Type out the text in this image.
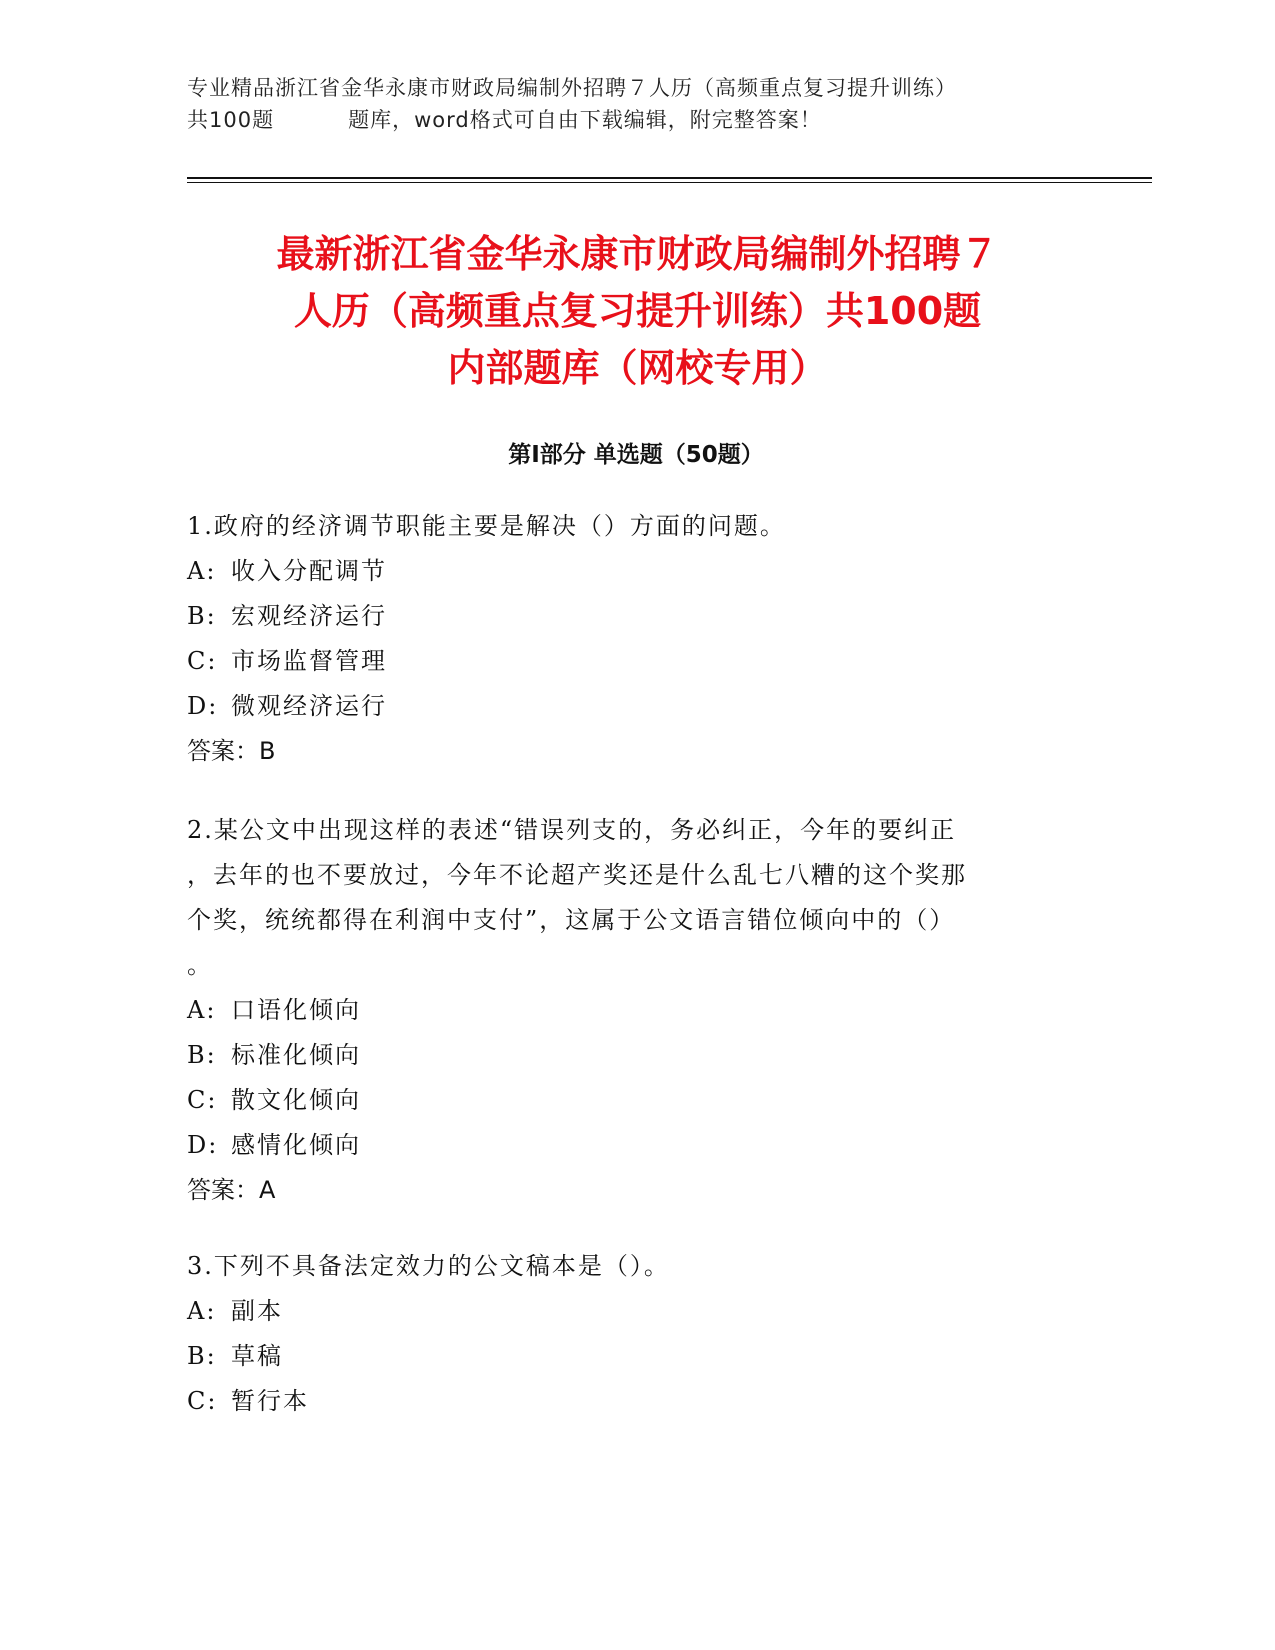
专业精品浙江省金华永康市财政局编制外招聘７人历（高频重点复习提升训练）
共100题	题库，word格式可自由下载编辑，附完整答案！
最新浙江省金华永康市财政局编制外招聘７
人历（高频重点复习提升训练）共100题
内部题库（网校专用）
第Ⅰ部分 单选题（50题）
1.政府的经济调节职能主要是解决（）方面的问题。
A: 收入分配调节
B: 宏观经济运行
C: 市场监督管理
D: 微观经济运行
答案：B
2.某公文中出现这样的表述“错误列支的，务必纠正，今年的要纠正
，去年的也不要放过，今年不论超产奖还是什么乱七八糟的这个奖那
个奖，统统都得在利润中支付”，这属于公文语言错位倾向中的（）
。
A: 口语化倾向
B: 标准化倾向
C: 散文化倾向
D: 感情化倾向
答案：A
3.下列不具备法定效力的公文稿本是（）。
A: 副本
B: 草稿
C: 暂行本
